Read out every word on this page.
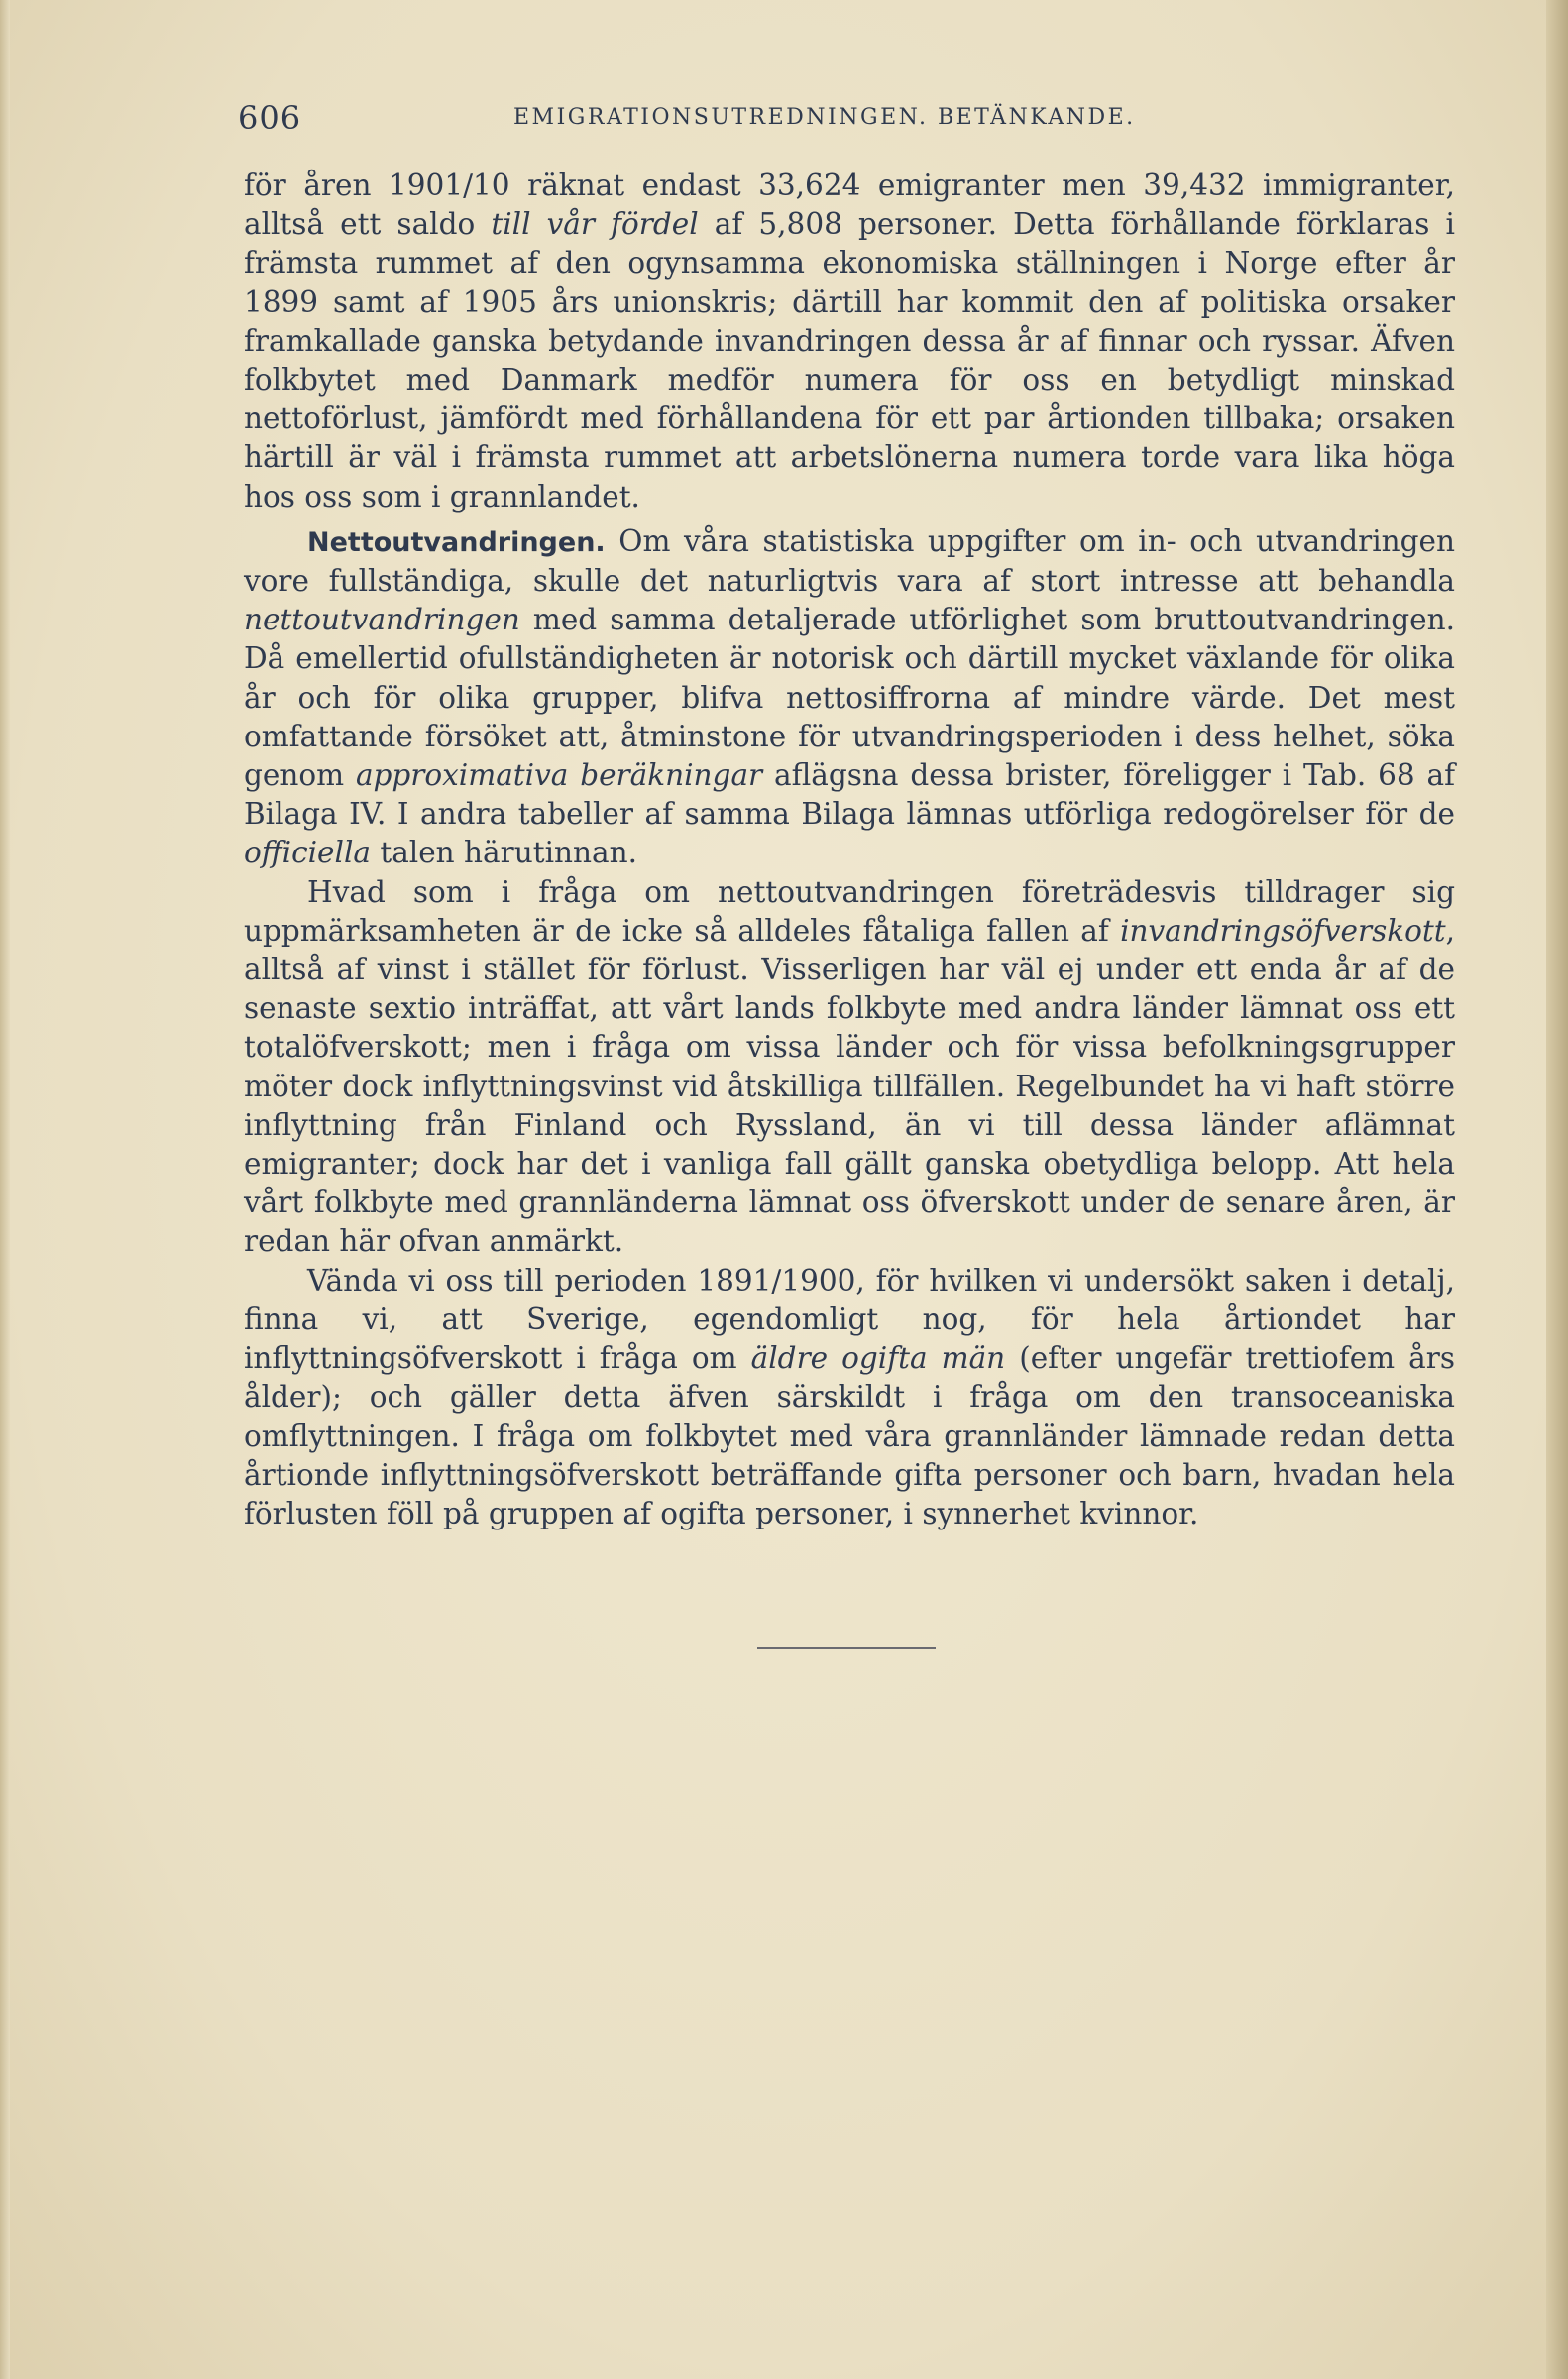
606	EMIGRATIONSUTREDNINGEN. BETÄNKANDE.

för åren 1901/10 räknat endast 33,624 emigranter men 39,432 immigranter, alltså ett saldo till vår fördel af 5,808 personer. Detta förhållande förklaras i främsta rummet af den ogynsamma ekonomiska ställningen i Norge efter år 1899 samt af 1905 års unionskris; därtill har kommit den af politiska orsaker framkallade ganska betydande invandringen dessa år af finnar och ryssar. Äfven folkbytet med Danmark medför numera för oss en betydligt minskad nettoförlust, jämfördt med förhållandena för ett par årtionden tillbaka; orsaken härtill är väl i främsta rummet att arbetslönerna numera torde vara lika höga hos oss som i grannlandet.

Nettoutvandringen. Om våra statistiska uppgifter om in- och utvandringen vore fullständiga, skulle det naturligtvis vara af stort intresse att behandla nettoutvandringen med samma detaljerade utförlighet som bruttoutvandringen. Då emellertid ofullständigheten är notorisk och därtill mycket växlande för olika år och för olika grupper, blifva nettosiffrorna af mindre värde. Det mest omfattande försöket att, åtminstone för utvandringsperioden i dess helhet, söka genom approximativa beräkningar aflägsna dessa brister, föreligger i Tab. 68 af Bilaga IV. I andra tabeller af samma Bilaga lämnas utförliga redogörelser för de officiella talen härutinnan.

Hvad som i fråga om nettoutvandringen företrädesvis tilldrager sig uppmärksamheten är de icke så alldeles fåtaliga fallen af invandringsöfverskott, alltså af vinst i stället för förlust. Visserligen har väl ej under ett enda år af de senaste sextio inträffat, att vårt lands folkbyte med andra länder lämnat oss ett totalöfverskott; men i fråga om vissa länder och för vissa befolkningsgrupper möter dock inflyttningsvinst vid åtskilliga tillfällen. Regelbundet ha vi haft större inflyttning från Finland och Ryssland, än vi till dessa länder aflämnat emigranter; dock har det i vanliga fall gällt ganska obetydliga belopp. Att hela vårt folkbyte med grannländerna lämnat oss öfverskott under de senare åren, är redan här ofvan anmärkt.

Vända vi oss till perioden 1891/1900, för hvilken vi undersökt saken i detalj, finna vi, att Sverige, egendomligt nog, för hela årtiondet har inflyttningsöfverskott i fråga om äldre ogifta män (efter ungefär trettiofem års ålder); och gäller detta äfven särskildt i fråga om den transoceaniska omflyttningen. I fråga om folkbytet med våra grannländer lämnade redan detta årtionde inflyttningsöfverskott beträffande gifta personer och barn, hvadan hela förlusten föll på gruppen af ogifta personer, i synnerhet kvinnor.
